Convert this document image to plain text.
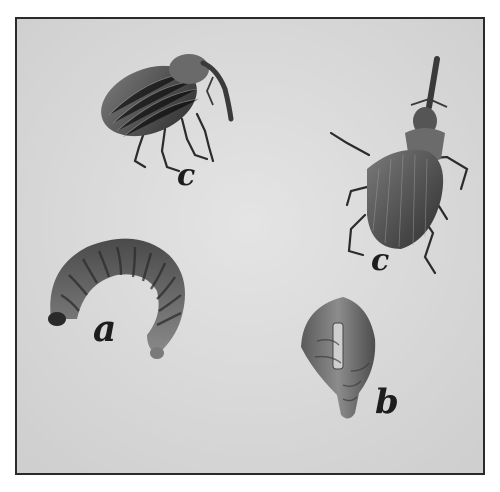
c
c
a
b
